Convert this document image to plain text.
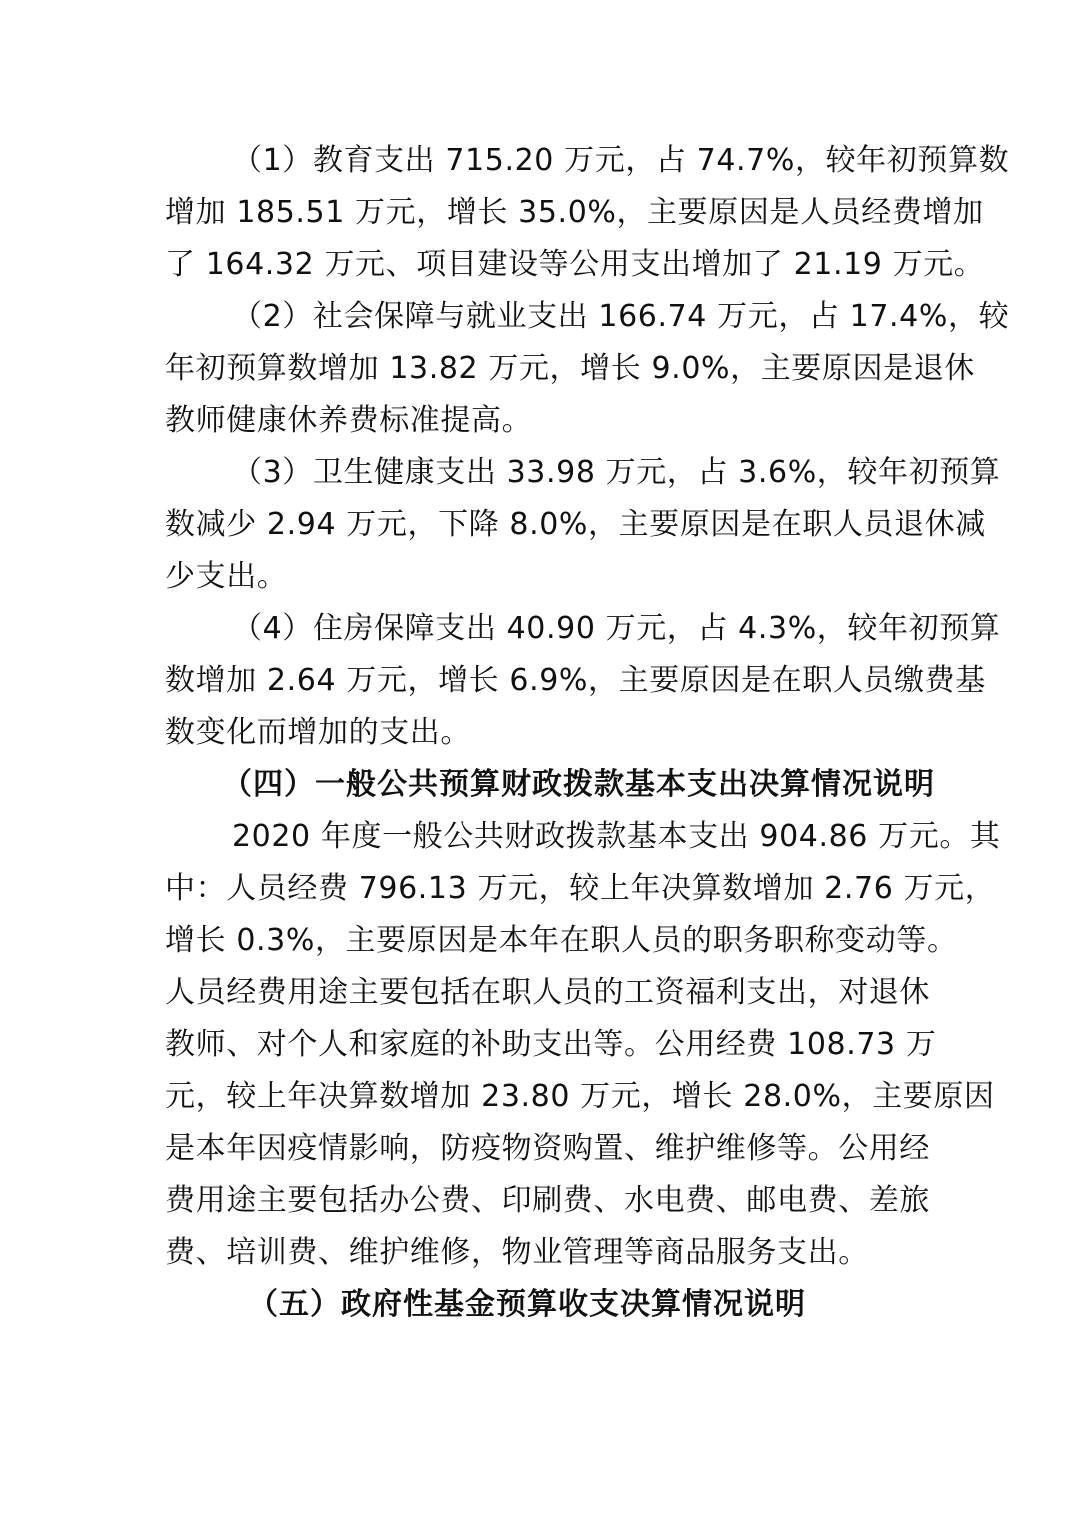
（1）教育支出 715.20 万元，占 74.7%，较年初预算数

增加 185.51 万元，增长 35.0%，主要原因是人员经费增加

了 164.32 万元、项目建设等公用支出增加了 21.19 万元。

（2）社会保障与就业支出 166.74 万元，占 17.4%，较

年初预算数增加 13.82 万元，增长 9.0%，主要原因是退休

教师健康休养费标准提高。

（3）卫生健康支出 33.98 万元，占 3.6%，较年初预算

数减少 2.94 万元，下降 8.0%，主要原因是在职人员退休减

少支出。

（4）住房保障支出 40.90 万元，占 4.3%，较年初预算

数增加 2.64 万元，增长 6.9%，主要原因是在职人员缴费基

数变化而增加的支出。

（四）一般公共预算财政拨款基本支出决算情况说明

2020 年度一般公共财政拨款基本支出 904.86 万元。其

中：人员经费 796.13 万元，较上年决算数增加 2.76 万元，

增长 0.3%，主要原因是本年在职人员的职务职称变动等。

人员经费用途主要包括在职人员的工资福利支出，对退休

教师、对个人和家庭的补助支出等。公用经费 108.73 万

元，较上年决算数增加 23.80 万元，增长 28.0%，主要原因

是本年因疫情影响，防疫物资购置、维护维修等。公用经

费用途主要包括办公费、印刷费、水电费、邮电费、差旅

费、培训费、维护维修，物业管理等商品服务支出。

（五）政府性基金预算收支决算情况说明
